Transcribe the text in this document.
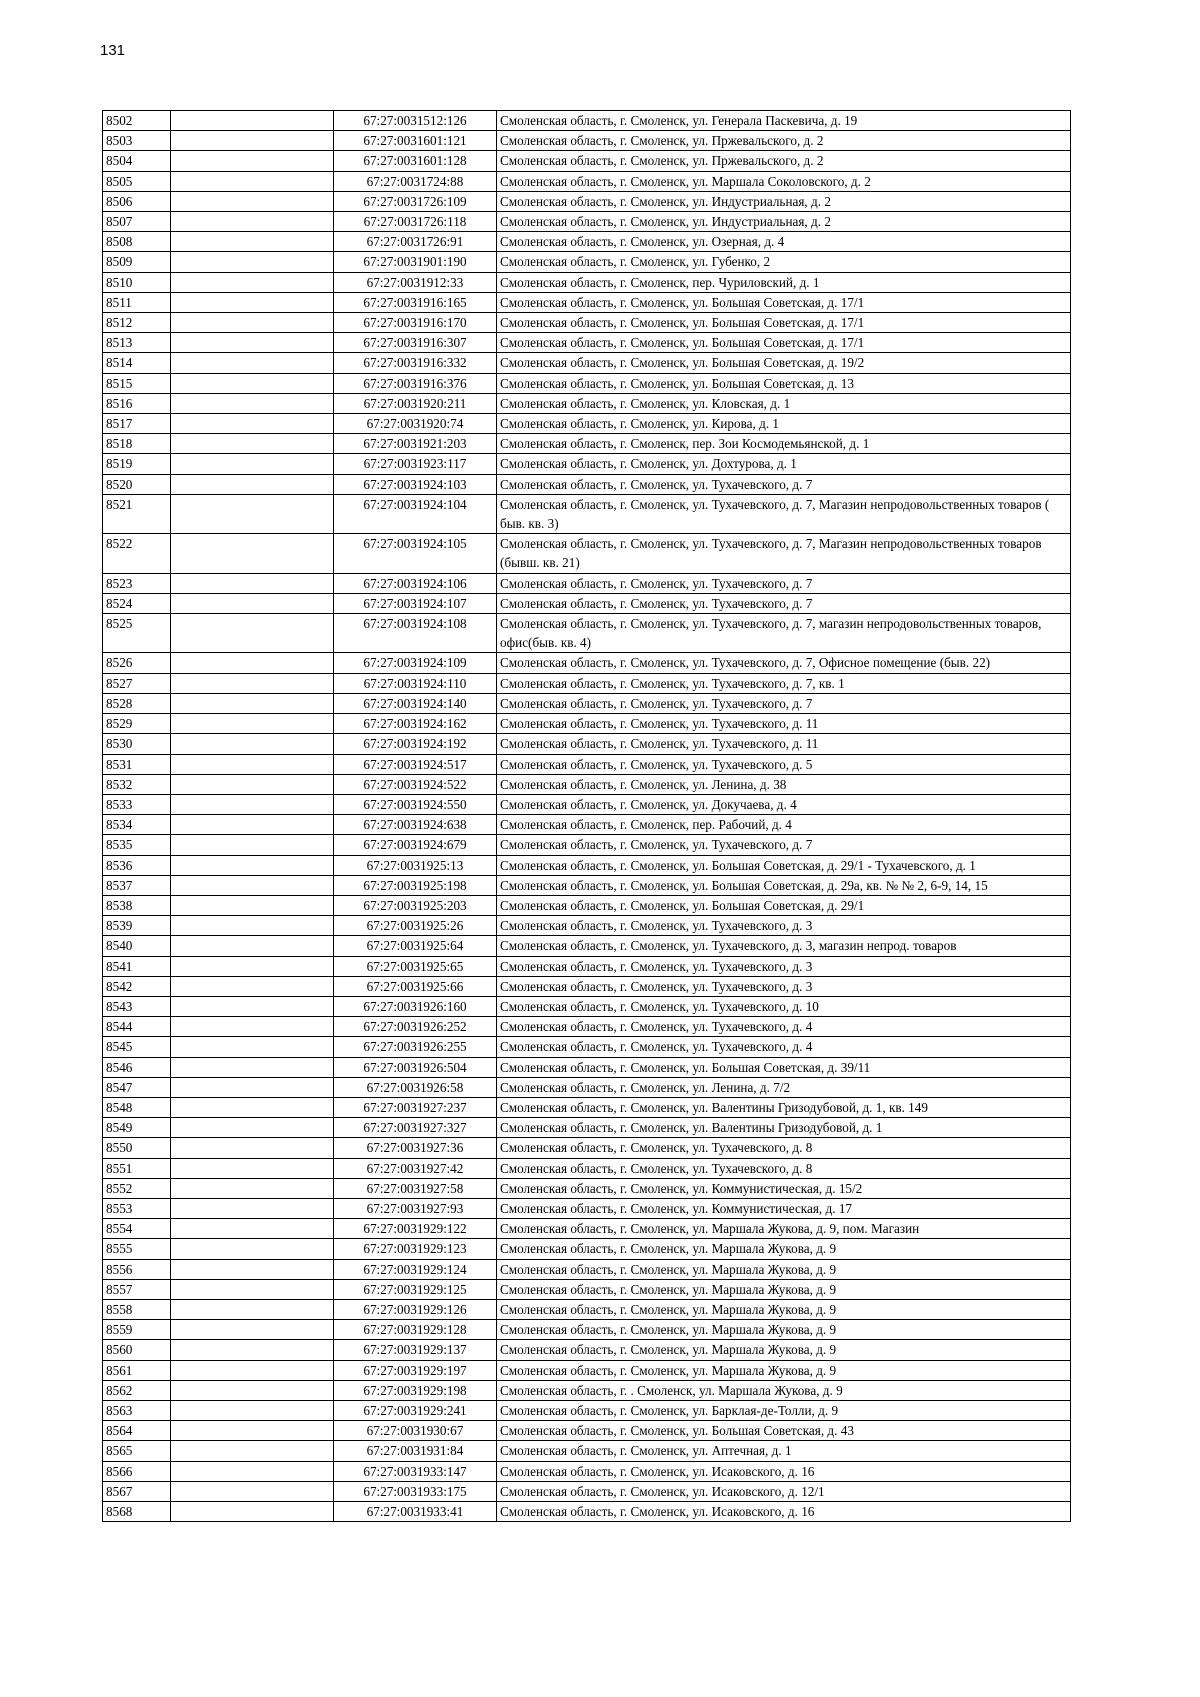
131
8502		67:27:0031512:126	Смоленская область, г. Смоленск, ул. Генерала Паскевича, д. 19
8503		67:27:0031601:121	Смоленская область, г. Смоленск, ул. Пржевальского, д. 2
8504		67:27:0031601:128	Смоленская область, г. Смоленск, ул. Пржевальского, д. 2
8505		67:27:0031724:88	Смоленская область, г. Смоленск, ул. Маршала Соколовского, д. 2
8506		67:27:0031726:109	Смоленская область, г. Смоленск, ул. Индустриальная, д. 2
8507		67:27:0031726:118	Смоленская область, г. Смоленск, ул. Индустриальная, д. 2
8508		67:27:0031726:91	Смоленская область, г. Смоленск, ул. Озерная, д. 4
8509		67:27:0031901:190	Смоленская область, г. Смоленск, ул. Губенко, 2
8510		67:27:0031912:33	Смоленская область, г. Смоленск, пер. Чуриловский, д. 1
8511		67:27:0031916:165	Смоленская область, г. Смоленск, ул. Большая Советская, д. 17/1
8512		67:27:0031916:170	Смоленская область, г. Смоленск, ул. Большая Советская, д. 17/1
8513		67:27:0031916:307	Смоленская область, г. Смоленск, ул. Большая Советская, д. 17/1
8514		67:27:0031916:332	Смоленская область, г. Смоленск, ул. Большая Советская, д. 19/2
8515		67:27:0031916:376	Смоленская область, г. Смоленск, ул. Большая Советская, д. 13
8516		67:27:0031920:211	Смоленская область, г. Смоленск, ул. Кловская, д. 1
8517		67:27:0031920:74	Смоленская область, г. Смоленск, ул. Кирова, д. 1
8518		67:27:0031921:203	Смоленская область, г. Смоленск, пер. Зои Космодемьянской, д. 1
8519		67:27:0031923:117	Смоленская область, г. Смоленск, ул. Дохтурова, д. 1
8520		67:27:0031924:103	Смоленская область, г. Смоленск, ул. Тухачевского, д. 7
8521		67:27:0031924:104	Смоленская область, г. Смоленск, ул. Тухачевского, д. 7, Магазин непродовольственных товаров ( быв. кв. 3)
8522		67:27:0031924:105	Смоленская область, г. Смоленск, ул. Тухачевского, д. 7, Магазин непродовольственных товаров (бывш. кв. 21)
8523		67:27:0031924:106	Смоленская область, г. Смоленск, ул. Тухачевского, д. 7
8524		67:27:0031924:107	Смоленская область, г. Смоленск, ул. Тухачевского, д. 7
8525		67:27:0031924:108	Смоленская область, г. Смоленск, ул. Тухачевского, д. 7, магазин непродовольственных товаров, офис(быв. кв. 4)
8526		67:27:0031924:109	Смоленская область, г. Смоленск, ул. Тухачевского, д. 7, Офисное помещение (быв. 22)
8527		67:27:0031924:110	Смоленская область, г. Смоленск, ул. Тухачевского, д. 7, кв. 1
8528		67:27:0031924:140	Смоленская область, г. Смоленск, ул. Тухачевского, д. 7
8529		67:27:0031924:162	Смоленская область, г. Смоленск, ул. Тухачевского, д. 11
8530		67:27:0031924:192	Смоленская область, г. Смоленск, ул. Тухачевского, д. 11
8531		67:27:0031924:517	Смоленская область, г. Смоленск, ул. Тухачевского, д. 5
8532		67:27:0031924:522	Смоленская область, г. Смоленск, ул. Ленина, д. 38
8533		67:27:0031924:550	Смоленская область, г. Смоленск, ул. Докучаева, д. 4
8534		67:27:0031924:638	Смоленская область, г. Смоленск, пер. Рабочий, д. 4
8535		67:27:0031924:679	Смоленская область, г. Смоленск, ул. Тухачевского, д. 7
8536		67:27:0031925:13	Смоленская область, г. Смоленск, ул. Большая Советская, д. 29/1 - Тухачевского, д. 1
8537		67:27:0031925:198	Смоленская область, г. Смоленск, ул. Большая Советская, д. 29а, кв. № № 2, 6-9, 14, 15
8538		67:27:0031925:203	Смоленская область, г. Смоленск, ул. Большая Советская, д. 29/1
8539		67:27:0031925:26	Смоленская область, г. Смоленск, ул. Тухачевского, д. 3
8540		67:27:0031925:64	Смоленская область, г. Смоленск, ул. Тухачевского, д. 3, магазин непрод. товаров
8541		67:27:0031925:65	Смоленская область, г. Смоленск, ул. Тухачевского, д. 3
8542		67:27:0031925:66	Смоленская область, г. Смоленск, ул. Тухачевского, д. 3
8543		67:27:0031926:160	Смоленская область, г. Смоленск, ул. Тухачевского, д. 10
8544		67:27:0031926:252	Смоленская область, г. Смоленск, ул. Тухачевского, д. 4
8545		67:27:0031926:255	Смоленская область, г. Смоленск, ул. Тухачевского, д. 4
8546		67:27:0031926:504	Смоленская область, г. Смоленск, ул. Большая Советская, д. 39/11
8547		67:27:0031926:58	Смоленская область, г. Смоленск, ул. Ленина, д. 7/2
8548		67:27:0031927:237	Смоленская область, г. Смоленск, ул. Валентины Гризодубовой, д. 1, кв. 149
8549		67:27:0031927:327	Смоленская область, г. Смоленск, ул. Валентины Гризодубовой, д. 1
8550		67:27:0031927:36	Смоленская область, г. Смоленск, ул. Тухачевского, д. 8
8551		67:27:0031927:42	Смоленская область, г. Смоленск, ул. Тухачевского, д. 8
8552		67:27:0031927:58	Смоленская область, г. Смоленск, ул. Коммунистическая, д. 15/2
8553		67:27:0031927:93	Смоленская область, г. Смоленск, ул. Коммунистическая, д. 17
8554		67:27:0031929:122	Смоленская область, г. Смоленск, ул. Маршала Жукова, д. 9, пом. Магазин
8555		67:27:0031929:123	Смоленская область, г. Смоленск, ул. Маршала Жукова, д. 9
8556		67:27:0031929:124	Смоленская область, г. Смоленск, ул. Маршала Жукова, д. 9
8557		67:27:0031929:125	Смоленская область, г. Смоленск, ул. Маршала Жукова, д. 9
8558		67:27:0031929:126	Смоленская область, г. Смоленск, ул. Маршала Жукова, д. 9
8559		67:27:0031929:128	Смоленская область, г. Смоленск, ул. Маршала Жукова, д. 9
8560		67:27:0031929:137	Смоленская область, г. Смоленск, ул. Маршала Жукова, д. 9
8561		67:27:0031929:197	Смоленская область, г. Смоленск, ул. Маршала Жукова, д. 9
8562		67:27:0031929:198	Смоленская область, г. . Смоленск, ул. Маршала Жукова, д. 9
8563		67:27:0031929:241	Смоленская область, г. Смоленск, ул. Барклая-де-Толли, д. 9
8564		67:27:0031930:67	Смоленская область, г. Смоленск, ул. Большая Советская, д. 43
8565		67:27:0031931:84	Смоленская область, г. Смоленск, ул. Аптечная, д. 1
8566		67:27:0031933:147	Смоленская область, г. Смоленск, ул. Исаковского, д. 16
8567		67:27:0031933:175	Смоленская область, г. Смоленск, ул. Исаковского, д. 12/1
8568		67:27:0031933:41	Смоленская область, г. Смоленск, ул. Исаковского, д. 16
